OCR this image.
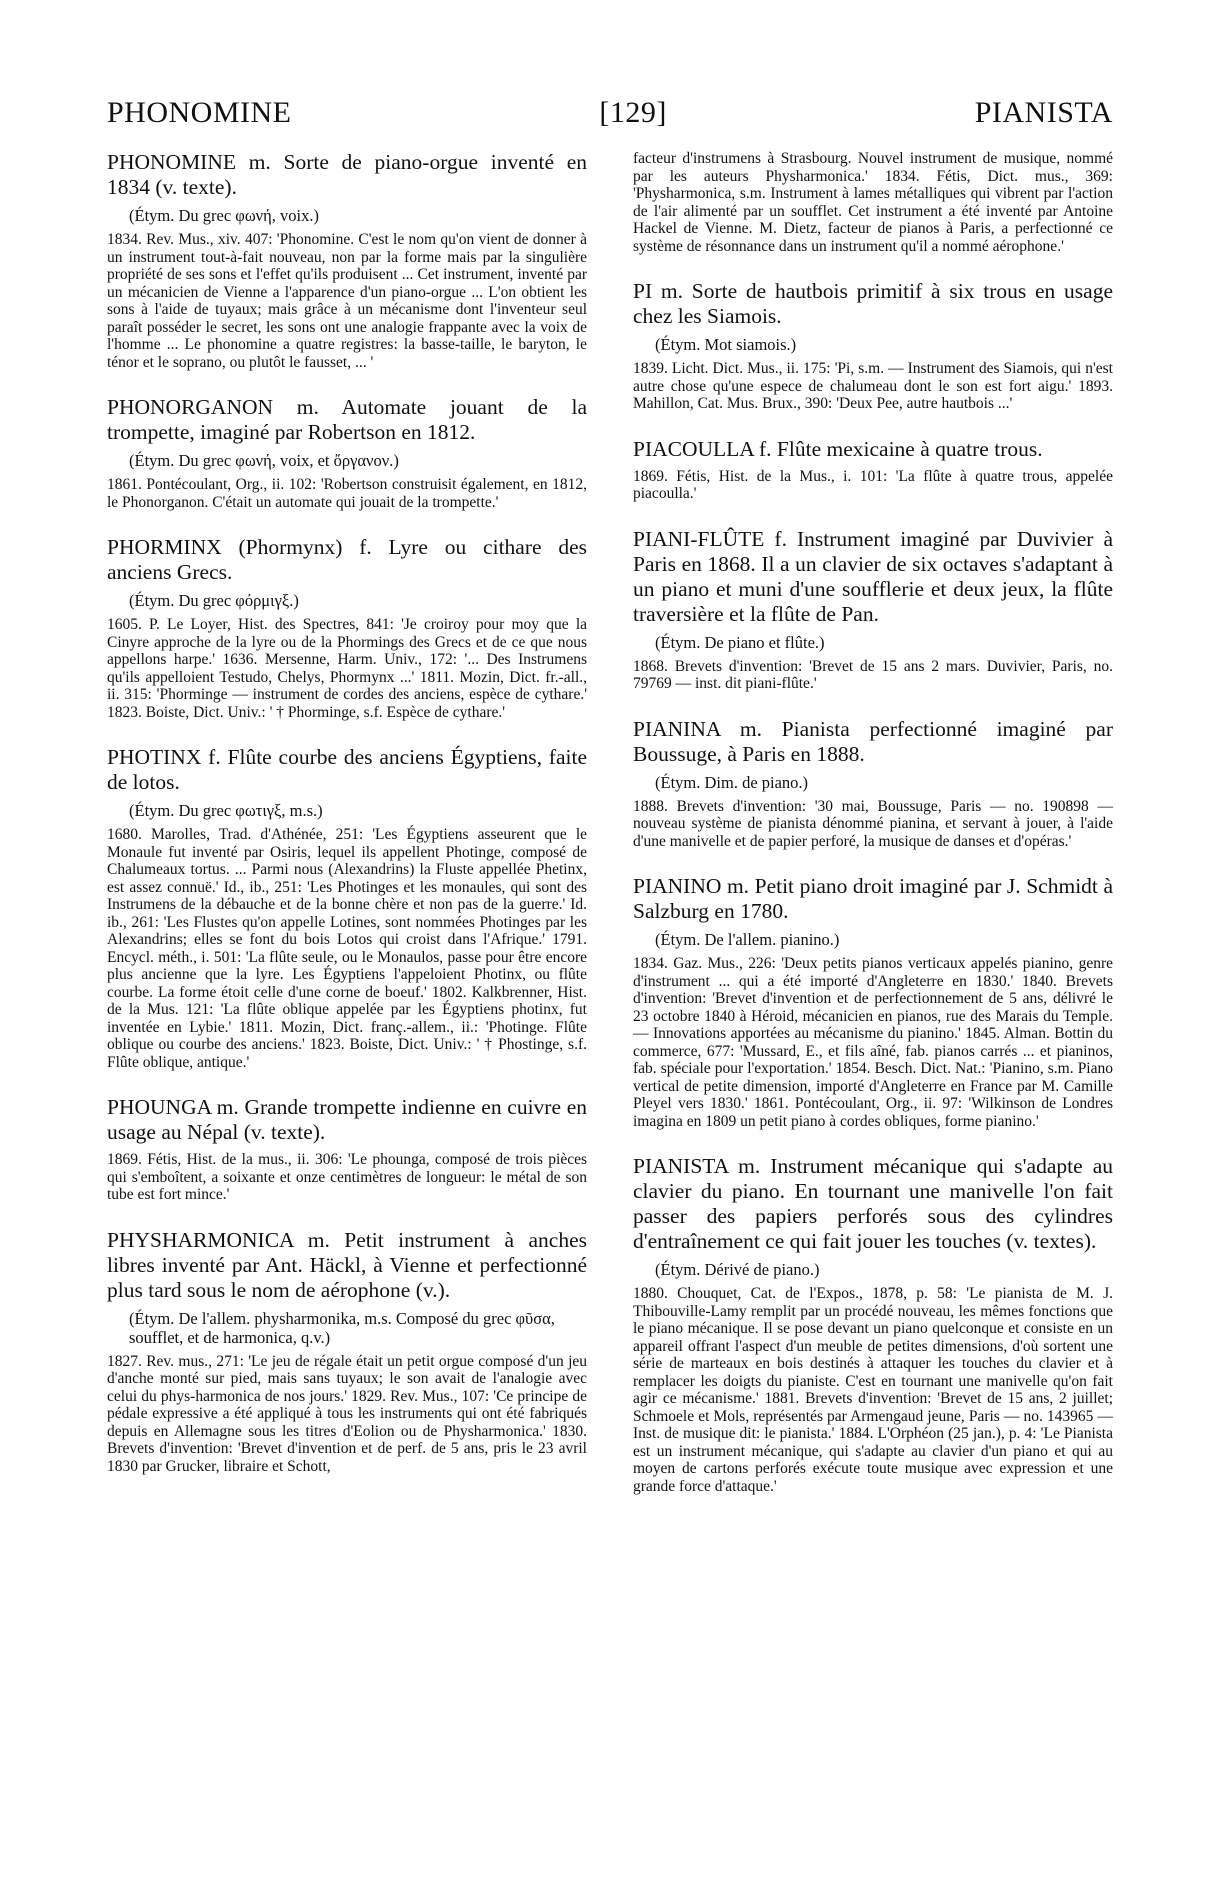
PHONOMINE	[129]	PIANISTA

PHONOMINE m. Sorte de piano-orgue inventé en 1834 (v. texte).

(Étym. Du grec φωνή, voix.)

1834. Rev. Mus., xiv. 407: 'Phonomine. C'est le nom qu'on vient de donner à un instrument tout-à-fait nouveau, non par la forme mais par la singulière propriété de ses sons et l'effet qu'ils produisent ... Cet instrument, inventé par un mécanicien de Vienne a l'apparence d'un piano-orgue ... L'on obtient les sons à l'aide de tuyaux; mais grâce à un mécanisme dont l'inventeur seul paraît posséder le secret, les sons ont une analogie frappante avec la voix de l'homme ... Le phonomine a quatre registres: la basse-taille, le baryton, le ténor et le soprano, ou plutôt le fausset, ... '

PHONORGANON m. Automate jouant de la trompette, imaginé par Robertson en 1812.

(Étym. Du grec φωνή, voix, et ὄργανον.)

1861. Pontécoulant, Org., ii. 102: 'Robertson construisit également, en 1812, le Phonorganon. C'était un automate qui jouait de la trompette.'

PHORMINX (Phormynx) f. Lyre ou cithare des anciens Grecs.

(Étym. Du grec φόρμιγξ.)

1605. P. Le Loyer, Hist. des Spectres, 841: 'Je croiroy pour moy que la Cinyre approche de la lyre ou de la Phormings des Grecs et de ce que nous appellons harpe.' 1636. Mersenne, Harm. Univ., 172: '... Des Instrumens qu'ils appelloient Testudo, Chelys, Phormynx ...' 1811. Mozin, Dict. fr.-all., ii. 315: 'Phorminge — instrument de cordes des anciens, espèce de cythare.' 1823. Boiste, Dict. Univ.: ' † Phorminge, s.f. Espèce de cythare.'

PHOTINX f. Flûte courbe des anciens Égyptiens, faite de lotos.

(Étym. Du grec φωτιγξ, m.s.)

1680. Marolles, Trad. d'Athénée, 251: 'Les Égyptiens asseurent que le Monaule fut inventé par Osiris, lequel ils appellent Photinge, composé de Chalumeaux tortus. ... Parmi nous (Alexandrins) la Fluste appellée Phetinx, est assez connuë.' Id., ib., 251: 'Les Photinges et les monaules, qui sont des Instrumens de la débauche et de la bonne chère et non pas de la guerre.' Id. ib., 261: 'Les Flustes qu'on appelle Lotines, sont nommées Photinges par les Alexandrins; elles se font du bois Lotos qui croist dans l'Afrique.' 1791. Encycl. méth., i. 501: 'La flûte seule, ou le Monaulos, passe pour être encore plus ancienne que la lyre. Les Égyptiens l'appeloient Photinx, ou flûte courbe. La forme étoit celle d'une corne de boeuf.' 1802. Kalkbrenner, Hist. de la Mus. 121: 'La flûte oblique appelée par les Égyptiens photinx, fut inventée en Lybie.' 1811. Mozin, Dict. franç.-allem., ii.: 'Photinge. Flûte oblique ou courbe des anciens.' 1823. Boiste, Dict. Univ.: ' † Phostinge, s.f. Flûte oblique, antique.'

PHOUNGA m. Grande trompette indienne en cuivre en usage au Népal (v. texte).

1869. Fétis, Hist. de la mus., ii. 306: 'Le phounga, composé de trois pièces qui s'emboîtent, a soixante et onze centimètres de longueur: le métal de son tube est fort mince.'

PHYSHARMONICA m. Petit instrument à anches libres inventé par Ant. Häckl, à Vienne et perfectionné plus tard sous le nom de aérophone (v.).

(Étym. De l'allem. physharmonika, m.s. Composé du grec φῦσα, soufflet, et de harmonica, q.v.)

1827. Rev. mus., 271: 'Le jeu de régale était un petit orgue composé d'un jeu d'anche monté sur pied, mais sans tuyaux; le son avait de l'analogie avec celui du phys-harmonica de nos jours.' 1829. Rev. Mus., 107: 'Ce principe de pédale expressive a été appliqué à tous les instruments qui ont été fabriqués depuis en Allemagne sous les titres d'Eolion ou de Physharmonica.' 1830. Brevets d'invention: 'Brevet d'invention et de perf. de 5 ans, pris le 23 avril 1830 par Grucker, libraire et Schott,

facteur d'instrumens à Strasbourg. Nouvel instrument de musique, nommé par les auteurs Physharmonica.' 1834. Fétis, Dict. mus., 369: 'Physharmonica, s.m. Instrument à lames métalliques qui vibrent par l'action de l'air alimenté par un soufflet. Cet instrument a été inventé par Antoine Hackel de Vienne. M. Dietz, facteur de pianos à Paris, a perfectionné ce système de résonnance dans un instrument qu'il a nommé aérophone.'

PI m. Sorte de hautbois primitif à six trous en usage chez les Siamois.

(Étym. Mot siamois.)

1839. Licht. Dict. Mus., ii. 175: 'Pi, s.m. — Instrument des Siamois, qui n'est autre chose qu'une espece de chalumeau dont le son est fort aigu.' 1893. Mahillon, Cat. Mus. Brux., 390: 'Deux Pee, autre hautbois ...'

PIACOULLA f. Flûte mexicaine à quatre trous.

1869. Fétis, Hist. de la Mus., i. 101: 'La flûte à quatre trous, appelée piacoulla.'

PIANI-FLÛTE f. Instrument imaginé par Duvivier à Paris en 1868. Il a un clavier de six octaves s'adaptant à un piano et muni d'une soufflerie et deux jeux, la flûte traversière et la flûte de Pan.

(Étym. De piano et flûte.)

1868. Brevets d'invention: 'Brevet de 15 ans 2 mars. Duvivier, Paris, no. 79769 — inst. dit piani-flûte.'

PIANINA m. Pianista perfectionné imaginé par Boussuge, à Paris en 1888.

(Étym. Dim. de piano.)

1888. Brevets d'invention: '30 mai, Boussuge, Paris — no. 190898 — nouveau système de pianista dénommé pianina, et servant à jouer, à l'aide d'une manivelle et de papier perforé, la musique de danses et d'opéras.'

PIANINO m. Petit piano droit imaginé par J. Schmidt à Salzburg en 1780.

(Étym. De l'allem. pianino.)

1834. Gaz. Mus., 226: 'Deux petits pianos verticaux appelés pianino, genre d'instrument ... qui a été importé d'Angleterre en 1830.' 1840. Brevets d'invention: 'Brevet d'invention et de perfectionnement de 5 ans, délivré le 23 octobre 1840 à Héroid, mécanicien en pianos, rue des Marais du Temple. — Innovations apportées au mécanisme du pianino.' 1845. Alman. Bottin du commerce, 677: 'Mussard, E., et fils aîné, fab. pianos carrés ... et pianinos, fab. spéciale pour l'exportation.' 1854. Besch. Dict. Nat.: 'Pianino, s.m. Piano vertical de petite dimension, importé d'Angleterre en France par M. Camille Pleyel vers 1830.' 1861. Pontécoulant, Org., ii. 97: 'Wilkinson de Londres imagina en 1809 un petit piano à cordes obliques, forme pianino.'

PIANISTA m. Instrument mécanique qui s'adapte au clavier du piano. En tournant une manivelle l'on fait passer des papiers perforés sous des cylindres d'entraînement ce qui fait jouer les touches (v. textes).

(Étym. Dérivé de piano.)

1880. Chouquet, Cat. de l'Expos., 1878, p. 58: 'Le pianista de M. J. Thibouville-Lamy remplit par un procédé nouveau, les mêmes fonctions que le piano mécanique. Il se pose devant un piano quelconque et consiste en un appareil offrant l'aspect d'un meuble de petites dimensions, d'où sortent une série de marteaux en bois destinés à attaquer les touches du clavier et à remplacer les doigts du pianiste. C'est en tournant une manivelle qu'on fait agir ce mécanisme.' 1881. Brevets d'invention: 'Brevet de 15 ans, 2 juillet; Schmoele et Mols, représentés par Armengaud jeune, Paris — no. 143965 — Inst. de musique dit: le pianista.' 1884. L'Orphéon (25 jan.), p. 4: 'Le Pianista est un instrument mécanique, qui s'adapte au clavier d'un piano et qui au moyen de cartons perforés exécute toute musique avec expression et une grande force d'attaque.'
